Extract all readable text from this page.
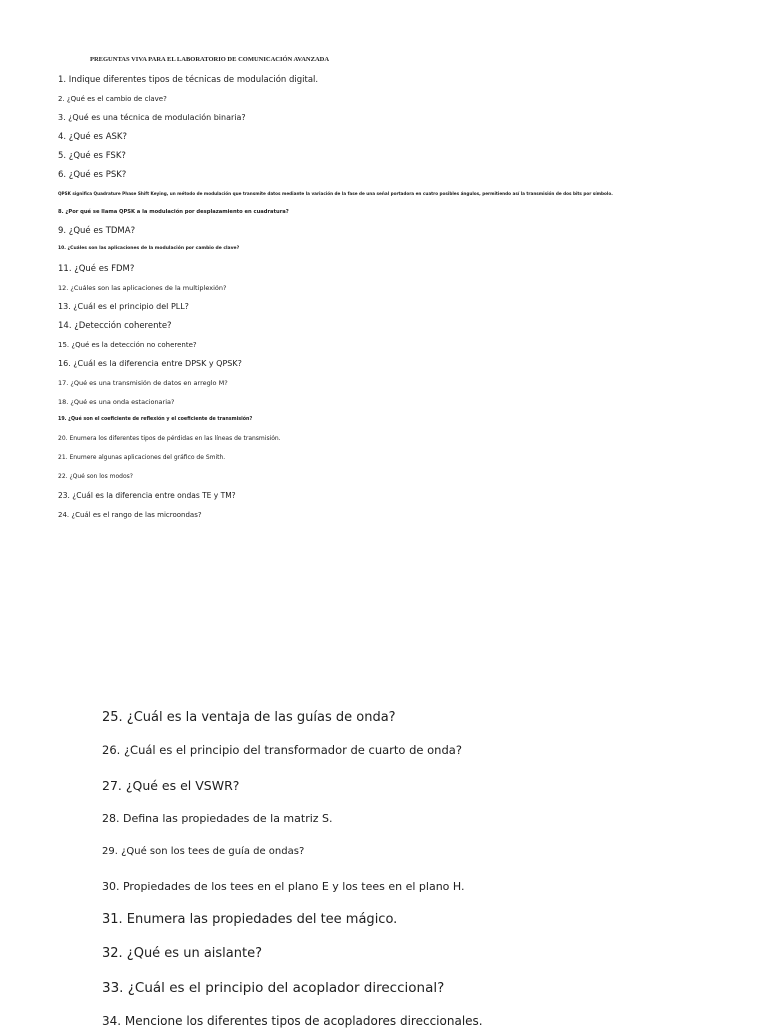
PREGUNTAS VIVA PARA EL LABORATORIO DE COMUNICACIÓN AVANZADA

1. Indique diferentes tipos de técnicas de modulación digital.

2. ¿Qué es el cambio de clave?

3. ¿Qué es una técnica de modulación binaria?

4. ¿Qué es ASK?

5. ¿Qué es FSK?

6. ¿Qué es PSK?

QPSK significa Quadrature Phase Shift Keying, un método de modulación que transmite datos mediante la variación de la fase de una señal portadora en cuatro posibles ángulos, permitiendo así la transmisión de dos bits por símbolo.

8. ¿Por qué se llama QPSK a la modulación por desplazamiento en cuadratura?

9. ¿Qué es TDMA?

10. ¿Cuáles son las aplicaciones de la modulación por cambio de clave?

11. ¿Qué es FDM?

12. ¿Cuáles son las aplicaciones de la multiplexión?

13. ¿Cuál es el principio del PLL?

14. ¿Detección coherente?

15. ¿Qué es la detección no coherente?

16. ¿Cuál es la diferencia entre DPSK y QPSK?

17. ¿Qué es una transmisión de datos en arreglo M?

18. ¿Qué es una onda estacionaria?

19. ¿Qué son el coeficiente de reflexión y el coeficiente de transmisión?

20. Enumera los diferentes tipos de pérdidas en las líneas de transmisión.

21. Enumere algunas aplicaciones del gráfico de Smith.

22. ¿Qué son los modos?

23. ¿Cuál es la diferencia entre ondas TE y TM?

24. ¿Cuál es el rango de las microondas?

25. ¿Cuál es la ventaja de las guías de onda?

26. ¿Cuál es el principio del transformador de cuarto de onda?

27. ¿Qué es el VSWR?

28. Defina las propiedades de la matriz S.

29. ¿Qué son los tees de guía de ondas?

30. Propiedades de los tees en el plano E y los tees en el plano H.

31. Enumera las propiedades del tee mágico.

32. ¿Qué es un aislante?

33. ¿Cuál es el principio del acoplador direccional?

34. Mencione los diferentes tipos de acopladores direccionales.
